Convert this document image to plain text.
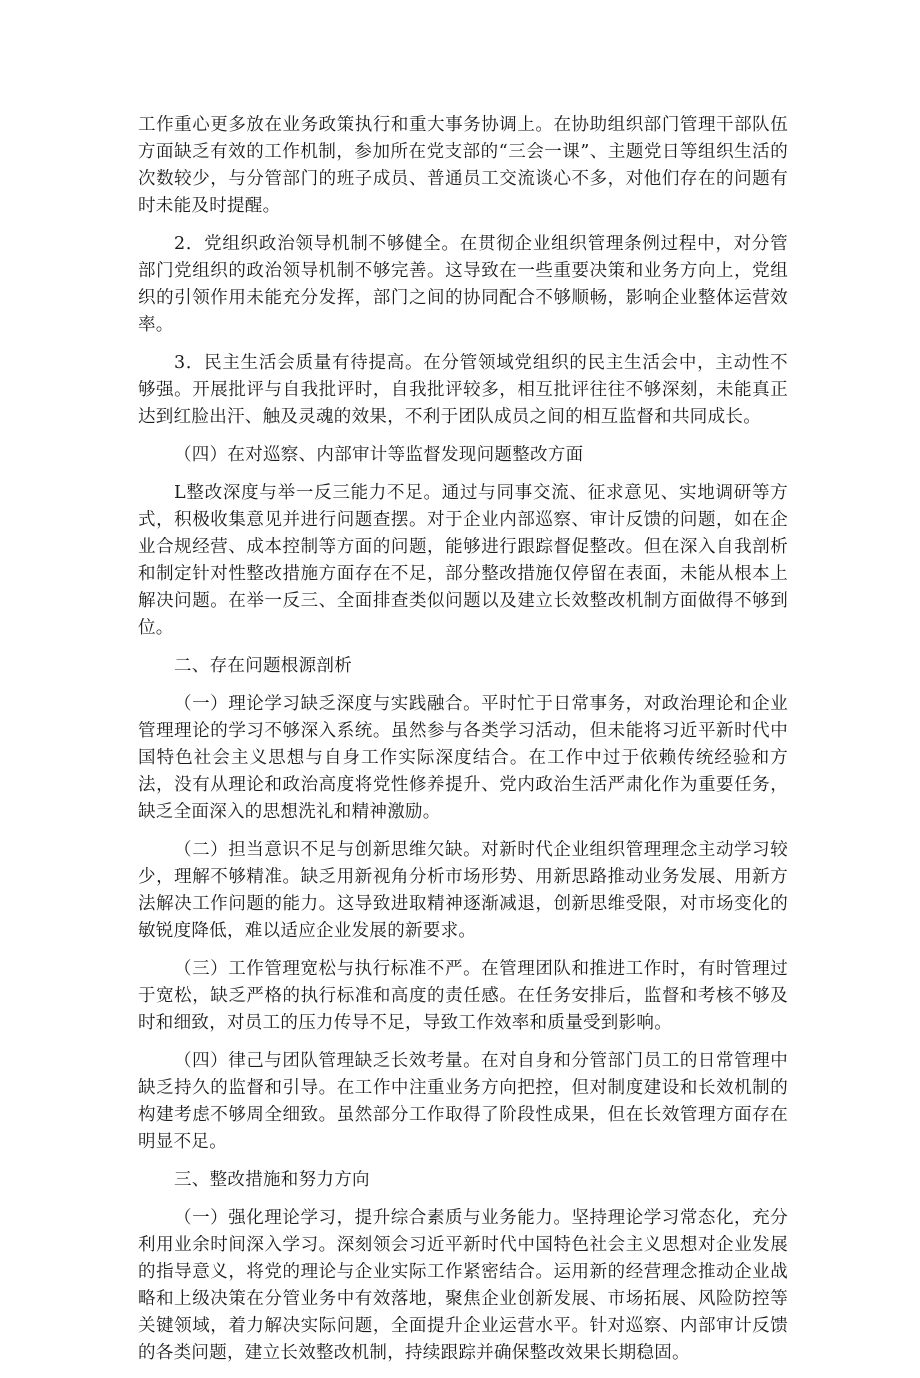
工作重心更多放在业务政策执行和重大事务协调上。在协助组织部门管理干部队伍方面缺乏有效的工作机制，参加所在党支部的“三会一课”、主题党日等组织生活的次数较少，与分管部门的班子成员、普通员工交流谈心不多，对他们存在的问题有时未能及时提醒。

2．党组织政治领导机制不够健全。在贯彻企业组织管理条例过程中，对分管部门党组织的政治领导机制不够完善。这导致在一些重要决策和业务方向上，党组织的引领作用未能充分发挥，部门之间的协同配合不够顺畅，影响企业整体运营效率。

3．民主生活会质量有待提高。在分管领域党组织的民主生活会中，主动性不够强。开展批评与自我批评时，自我批评较多，相互批评往往不够深刻，未能真正达到红脸出汗、触及灵魂的效果，不利于团队成员之间的相互监督和共同成长。

（四）在对巡察、内部审计等监督发现问题整改方面

L整改深度与举一反三能力不足。通过与同事交流、征求意见、实地调研等方式，积极收集意见并进行问题查摆。对于企业内部巡察、审计反馈的问题，如在企业合规经营、成本控制等方面的问题，能够进行跟踪督促整改。但在深入自我剖析和制定针对性整改措施方面存在不足，部分整改措施仅停留在表面，未能从根本上解决问题。在举一反三、全面排查类似问题以及建立长效整改机制方面做得不够到位。

二、存在问题根源剖析

（一）理论学习缺乏深度与实践融合。平时忙于日常事务，对政治理论和企业管理理论的学习不够深入系统。虽然参与各类学习活动，但未能将习近平新时代中国特色社会主义思想与自身工作实际深度结合。在工作中过于依赖传统经验和方法，没有从理论和政治高度将党性修养提升、党内政治生活严肃化作为重要任务，缺乏全面深入的思想洗礼和精神激励。

（二）担当意识不足与创新思维欠缺。对新时代企业组织管理理念主动学习较少，理解不够精准。缺乏用新视角分析市场形势、用新思路推动业务发展、用新方法解决工作问题的能力。这导致进取精神逐渐减退，创新思维受限，对市场变化的敏锐度降低，难以适应企业发展的新要求。

（三）工作管理宽松与执行标准不严。在管理团队和推进工作时，有时管理过于宽松，缺乏严格的执行标准和高度的责任感。在任务安排后，监督和考核不够及时和细致，对员工的压力传导不足，导致工作效率和质量受到影响。

（四）律己与团队管理缺乏长效考量。在对自身和分管部门员工的日常管理中缺乏持久的监督和引导。在工作中注重业务方向把控，但对制度建设和长效机制的构建考虑不够周全细致。虽然部分工作取得了阶段性成果，但在长效管理方面存在明显不足。

三、整改措施和努力方向

（一）强化理论学习，提升综合素质与业务能力。坚持理论学习常态化，充分利用业余时间深入学习。深刻领会习近平新时代中国特色社会主义思想对企业发展的指导意义，将党的理论与企业实际工作紧密结合。运用新的经营理念推动企业战略和上级决策在分管业务中有效落地，聚焦企业创新发展、市场拓展、风险防控等关键领域，着力解决实际问题，全面提升企业运营水平。针对巡察、内部审计反馈的各类问题，建立长效整改机制，持续跟踪并确保整改效果长期稳固。
